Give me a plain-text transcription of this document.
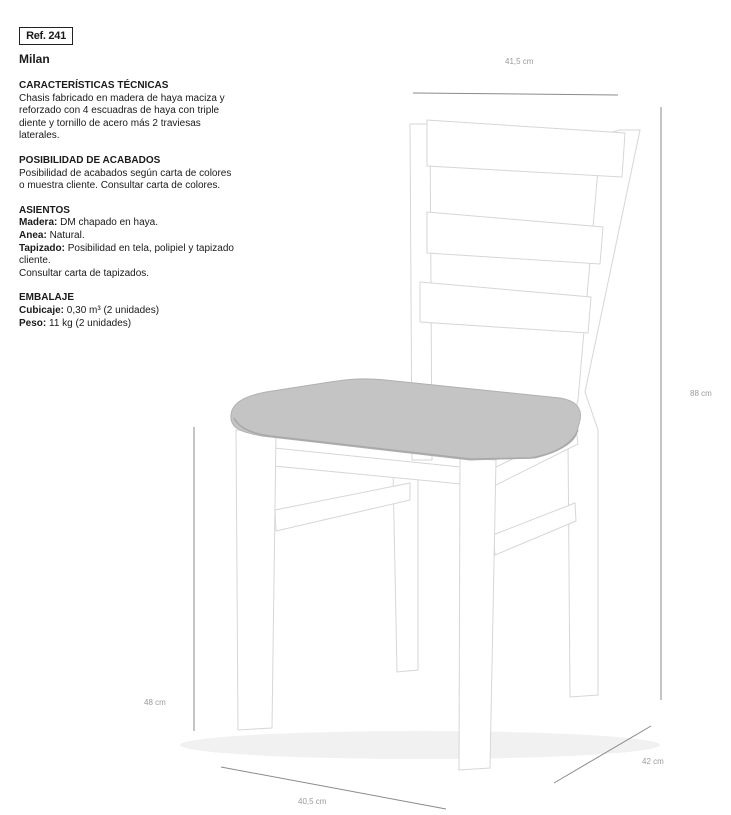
Ref. 241
Milan
CARACTERÍSTICAS TÉCNICAS

Chasis fabricado en madera de haya maciza y reforzado con 4 escuadras de haya con triple diente y tornillo de acero más 2 traviesas laterales.

POSIBILIDAD DE ACABADOS

Posibilidad de acabados según carta de colores o muestra cliente. Consultar carta de colores.

ASIENTOS

Madera: DM chapado en haya.

Anea: Natural.

Tapizado: Posibilidad en tela, polipiel y tapizado cliente.

Consultar carta de tapizados.

EMBALAJE

Cubicaje: 0,30 m³ (2 unidades)

Peso: 11 kg (2 unidades)

41,5 cm
88 cm
48 cm
42 cm
40,5 cm
